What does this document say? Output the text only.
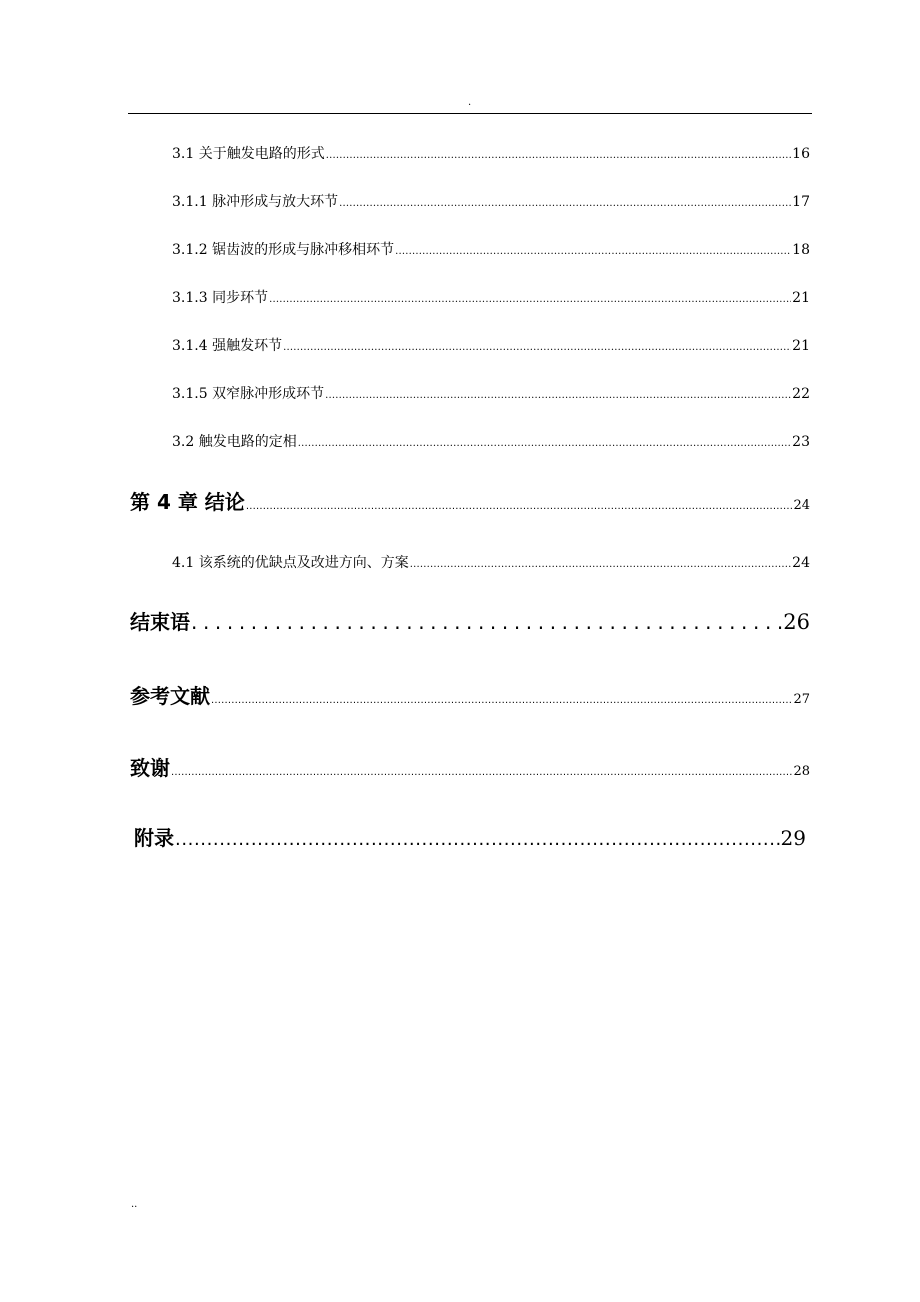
.
3.1 关于触发电路的形式 .....	16
3.1.1 脉冲形成与放大环节 .....	17
3.1.2 锯齿波的形成与脉冲移相环节 .....	18
3.1.3 同步环节 .....	21
3.1.4 强触发环节 .....	21
3.1.5 双窄脉冲形成环节 .....	22
3.2 触发电路的定相 .....	23
第 4 章 结论 .....	24
4.1 该系统的优缺点及改进方向、方案 .....	24
结束语 .....	26
参考文献 .....	27
致谢 .....	28
附录 .....	29
..
